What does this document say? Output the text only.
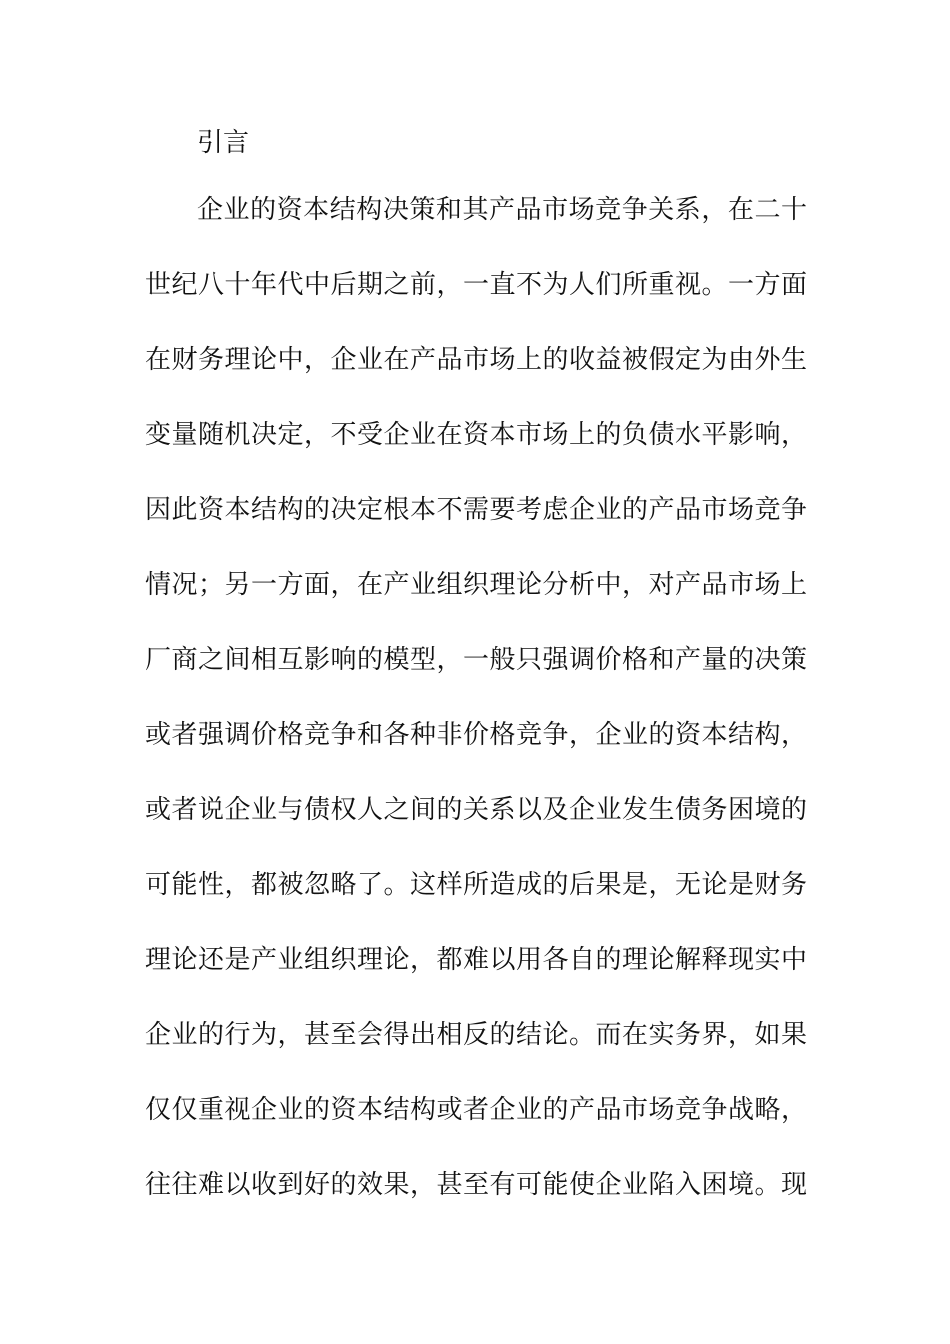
引言
企业的资本结构决策和其产品市场竞争关系，在二十
世纪八十年代中后期之前，一直不为人们所重视。一方面
在财务理论中，企业在产品市场上的收益被假定为由外生
变量随机决定，不受企业在资本市场上的负债水平影响，
因此资本结构的决定根本不需要考虑企业的产品市场竞争
情况；另一方面，在产业组织理论分析中，对产品市场上
厂商之间相互影响的模型，一般只强调价格和产量的决策
或者强调价格竞争和各种非价格竞争，企业的资本结构，
或者说企业与债权人之间的关系以及企业发生债务困境的
可能性，都被忽略了。这样所造成的后果是，无论是财务
理论还是产业组织理论，都难以用各自的理论解释现实中
企业的行为，甚至会得出相反的结论。而在实务界，如果
仅仅重视企业的资本结构或者企业的产品市场竞争战略，
往往难以收到好的效果，甚至有可能使企业陷入困境。现
